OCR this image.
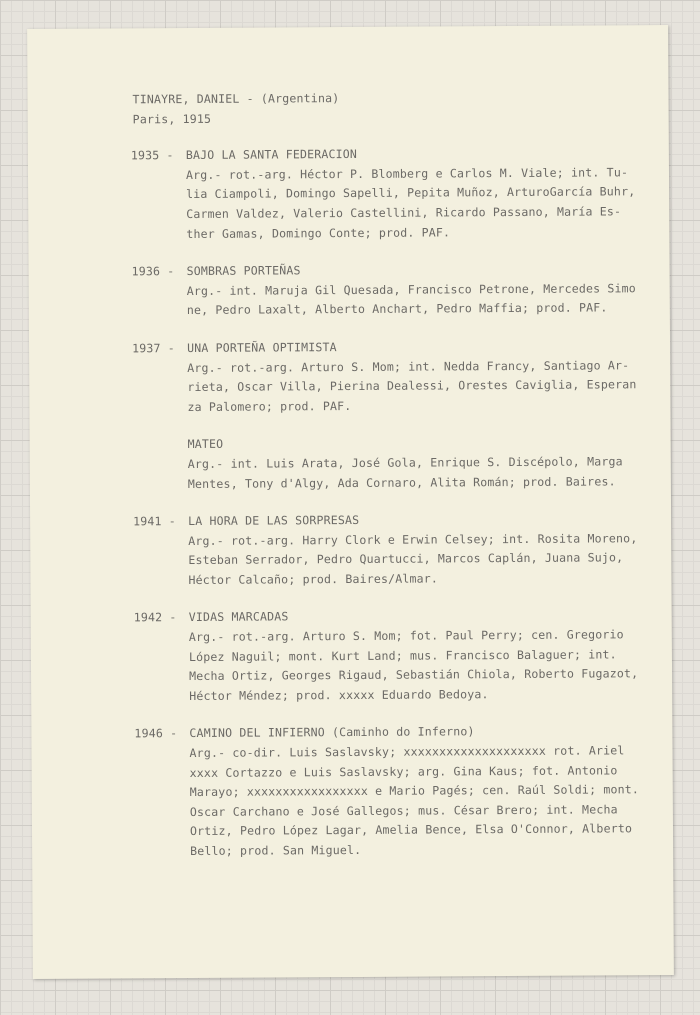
TINAYRE, DANIEL - (Argentina)
Paris, 1915
1935 -	BAJO LA SANTA FEDERACION
Arg.- rot.-arg. Héctor P. Blomberg e Carlos M. Viale; int. Tu-
lia Ciampoli, Domingo Sapelli, Pepita Muñoz, ArturoGarcía Buhr,
Carmen Valdez, Valerio Castellini, Ricardo Passano, María Es-
ther Gamas, Domingo Conte; prod. PAF.
1936 -	SOMBRAS PORTEÑAS
Arg.- int. Maruja Gil Quesada, Francisco Petrone, Mercedes Simo
ne, Pedro Laxalt, Alberto Anchart, Pedro Maffia; prod. PAF.
1937 -	UNA PORTEÑA OPTIMISTA
Arg.- rot.-arg. Arturo S. Mom; int. Nedda Francy, Santiago Ar-
rieta, Oscar Villa, Pierina Dealessi, Orestes Caviglia, Esperan
za Palomero; prod. PAF.
MATEO
Arg.- int. Luis Arata, José Gola, Enrique S. Discépolo, Marga
Mentes, Tony d'Algy, Ada Cornaro, Alita Román; prod. Baires.
1941 -	LA HORA DE LAS SORPRESAS
Arg.- rot.-arg. Harry Clork e Erwin Celsey; int. Rosita Moreno,
Esteban Serrador, Pedro Quartucci, Marcos Caplán, Juana Sujo,
Héctor Calcaño; prod. Baires/Almar.
1942 -	VIDAS MARCADAS
Arg.- rot.-arg. Arturo S. Mom; fot. Paul Perry; cen. Gregorio
López Naguil; mont. Kurt Land; mus. Francisco Balaguer; int.
Mecha Ortiz, Georges Rigaud, Sebastián Chiola, Roberto Fugazot,
Héctor Méndez; prod. xxxxx Eduardo Bedoya.
1946 -	CAMINO DEL INFIERNO (Caminho do Inferno)
Arg.- co-dir. Luis Saslavsky; xxxxxxxxxxxxxxxxxxxx rot. Ariel
xxxx Cortazzo e Luis Saslavsky; arg. Gina Kaus; fot. Antonio
Marayo; xxxxxxxxxxxxxxxxx e Mario Pagés; cen. Raúl Soldi; mont.
Oscar Carchano e José Gallegos; mus. César Brero; int. Mecha
Ortiz, Pedro López Lagar, Amelia Bence, Elsa O'Connor, Alberto
Bello; prod. San Miguel.
